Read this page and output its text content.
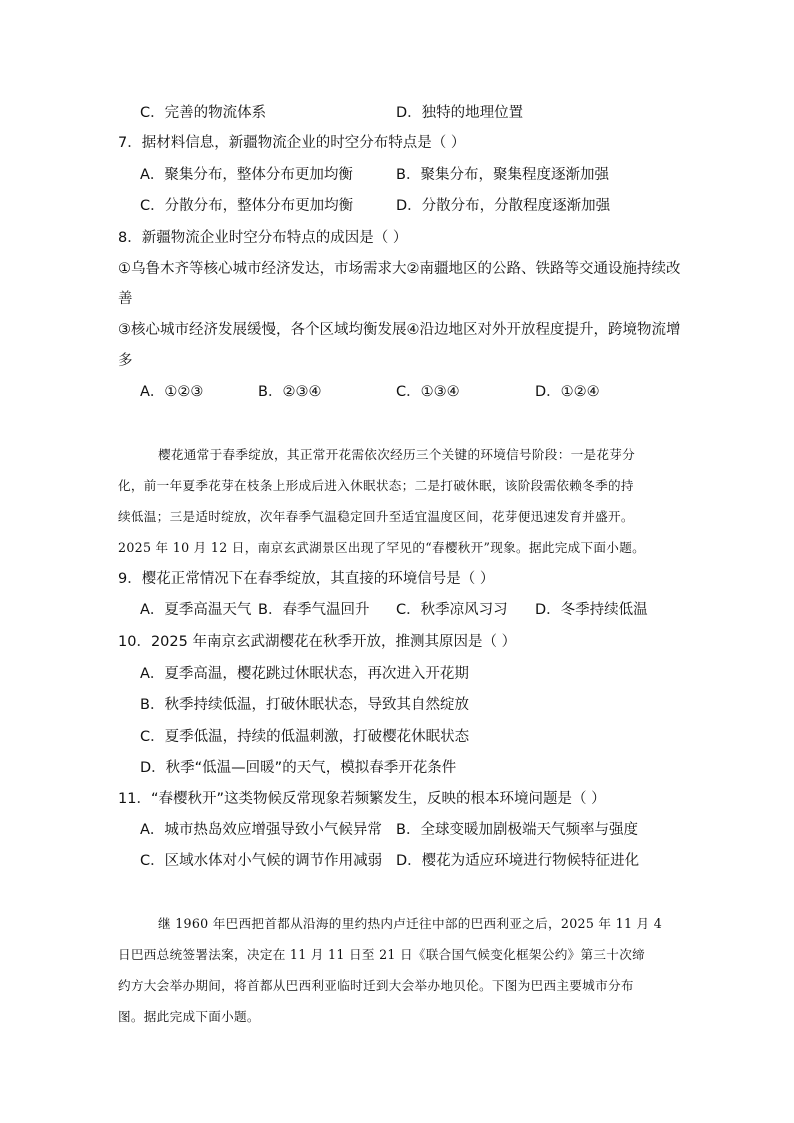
C．完善的物流体系	D．独特的地理位置
7．据材料信息，新疆物流企业的时空分布特点是（ ）
A．聚集分布，整体分布更加均衡	B．聚集分布，聚集程度逐渐加强
C．分散分布，整体分布更加均衡	D．分散分布，分散程度逐渐加强
8．新疆物流企业时空分布特点的成因是（ ）
①乌鲁木齐等核心城市经济发达，市场需求大②南疆地区的公路、铁路等交通设施持续改
善
③核心城市经济发展缓慢，各个区域均衡发展④沿边地区对外开放程度提升，跨境物流增
多
A．①②③	B．②③④	C．①③④	D．①②④
樱花通常于春季绽放，其正常开花需依次经历三个关键的环境信号阶段：一是花芽分
化，前一年夏季花芽在枝条上形成后进入休眠状态；二是打破休眠，该阶段需依赖冬季的持
续低温；三是适时绽放，次年春季气温稳定回升至适宜温度区间，花芽便迅速发育并盛开。
2025 年 10 月 12 日，南京玄武湖景区出现了罕见的“春樱秋开”现象。据此完成下面小题。
9．樱花正常情况下在春季绽放，其直接的环境信号是（ ）
A．夏季高温天气 B．春季气温回升 C．秋季凉风习习 D．冬季持续低温
10．2025 年南京玄武湖樱花在秋季开放，推测其原因是（ ）
A．夏季高温，樱花跳过休眠状态，再次进入开花期
B．秋季持续低温，打破休眠状态，导致其自然绽放
C．夏季低温，持续的低温刺激，打破樱花休眠状态
D．秋季“低温—回暖”的天气，模拟春季开花条件
11．“春樱秋开”这类物候反常现象若频繁发生，反映的根本环境问题是（ ）
A．城市热岛效应增强导致小气候异常 B．全球变暖加剧极端天气频率与强度
C．区域水体对小气候的调节作用减弱 D．樱花为适应环境进行物候特征进化
继 1960 年巴西把首都从沿海的里约热内卢迁往中部的巴西利亚之后，2025 年 11 月 4
日巴西总统签署法案，决定在 11 月 11 日至 21 日《联合国气候变化框架公约》第三十次缔
约方大会举办期间，将首都从巴西利亚临时迁到大会举办地贝伦。下图为巴西主要城市分布
图。据此完成下面小题。
